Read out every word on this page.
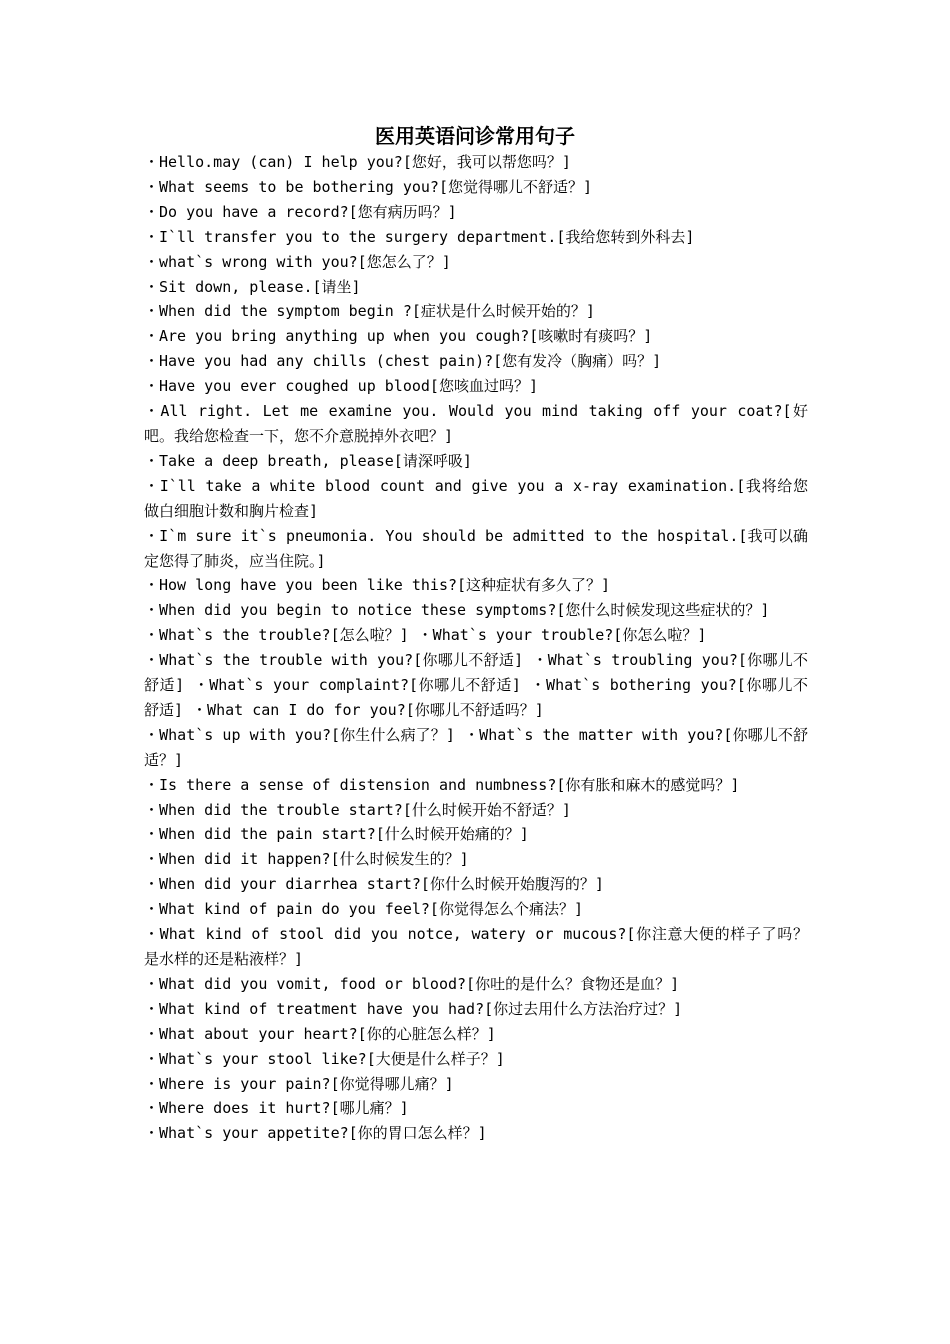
医用英语问诊常用句子

・Hello.may (can) I help you?[您好，我可以帮您吗？]

・What seems to be bothering you?[您觉得哪儿不舒适？]

・Do you have a record?[您有病历吗？]

・I`ll transfer you to the surgery department.[我给您转到外科去]

・what`s wrong with you?[您怎么了？]

・Sit down, please.[请坐]

・When did the symptom begin ?[症状是什么时候开始的？]

・Are you bring anything up when you cough?[咳嗽时有痰吗？]

・Have you had any chills (chest pain)?[您有发冷（胸痛）吗？]

・Have you ever coughed up blood[您咳血过吗？]

・All right. Let me examine you. Would you mind taking off your coat?[好吧。我给您检查一下，您不介意脱掉外衣吧？]

・Take a deep breath, please[请深呼吸]

・I`ll take a white blood count and give you a x-ray examination.[我将给您做白细胞计数和胸片检查]

・I`m sure it`s pneumonia. You should be admitted to the hospital.[我可以确定您得了肺炎，应当住院。]

・How long have you been like this?[这种症状有多久了？]

・When did you begin to notice these symptoms?[您什么时候发现这些症状的？]

・What`s the trouble?[怎么啦？] ・What`s your trouble?[你怎么啦？]

・What`s the trouble with you?[你哪儿不舒适] ・What`s troubling you?[你哪儿不舒适] ・What`s your complaint?[你哪儿不舒适] ・What`s bothering you?[你哪儿不舒适] ・What can I do for you?[你哪儿不舒适吗？]

・What`s up with you?[你生什么病了？] ・What`s the matter with you?[你哪儿不舒适？]

・Is there a sense of distension and numbness?[你有胀和麻木的感觉吗？]

・When did the trouble start?[什么时候开始不舒适？]

・When did the pain start?[什么时候开始痛的？]

・When did it happen?[什么时候发生的？]

・When did your diarrhea start?[你什么时候开始腹泻的？]

・What kind of pain do you feel?[你觉得怎么个痛法？]

・What kind of stool did you notce, watery or mucous?[你注意大便的样子了吗？是水样的还是粘液样？]

・What did you vomit, food or blood?[你吐的是什么？食物还是血？]

・What kind of treatment have you had?[你过去用什么方法治疗过？]

・What about your heart?[你的心脏怎么样？]

・What`s your stool like?[大便是什么样子？]

・Where is your pain?[你觉得哪儿痛？]

・Where does it hurt?[哪儿痛？]

・What`s your appetite?[你的胃口怎么样？]
